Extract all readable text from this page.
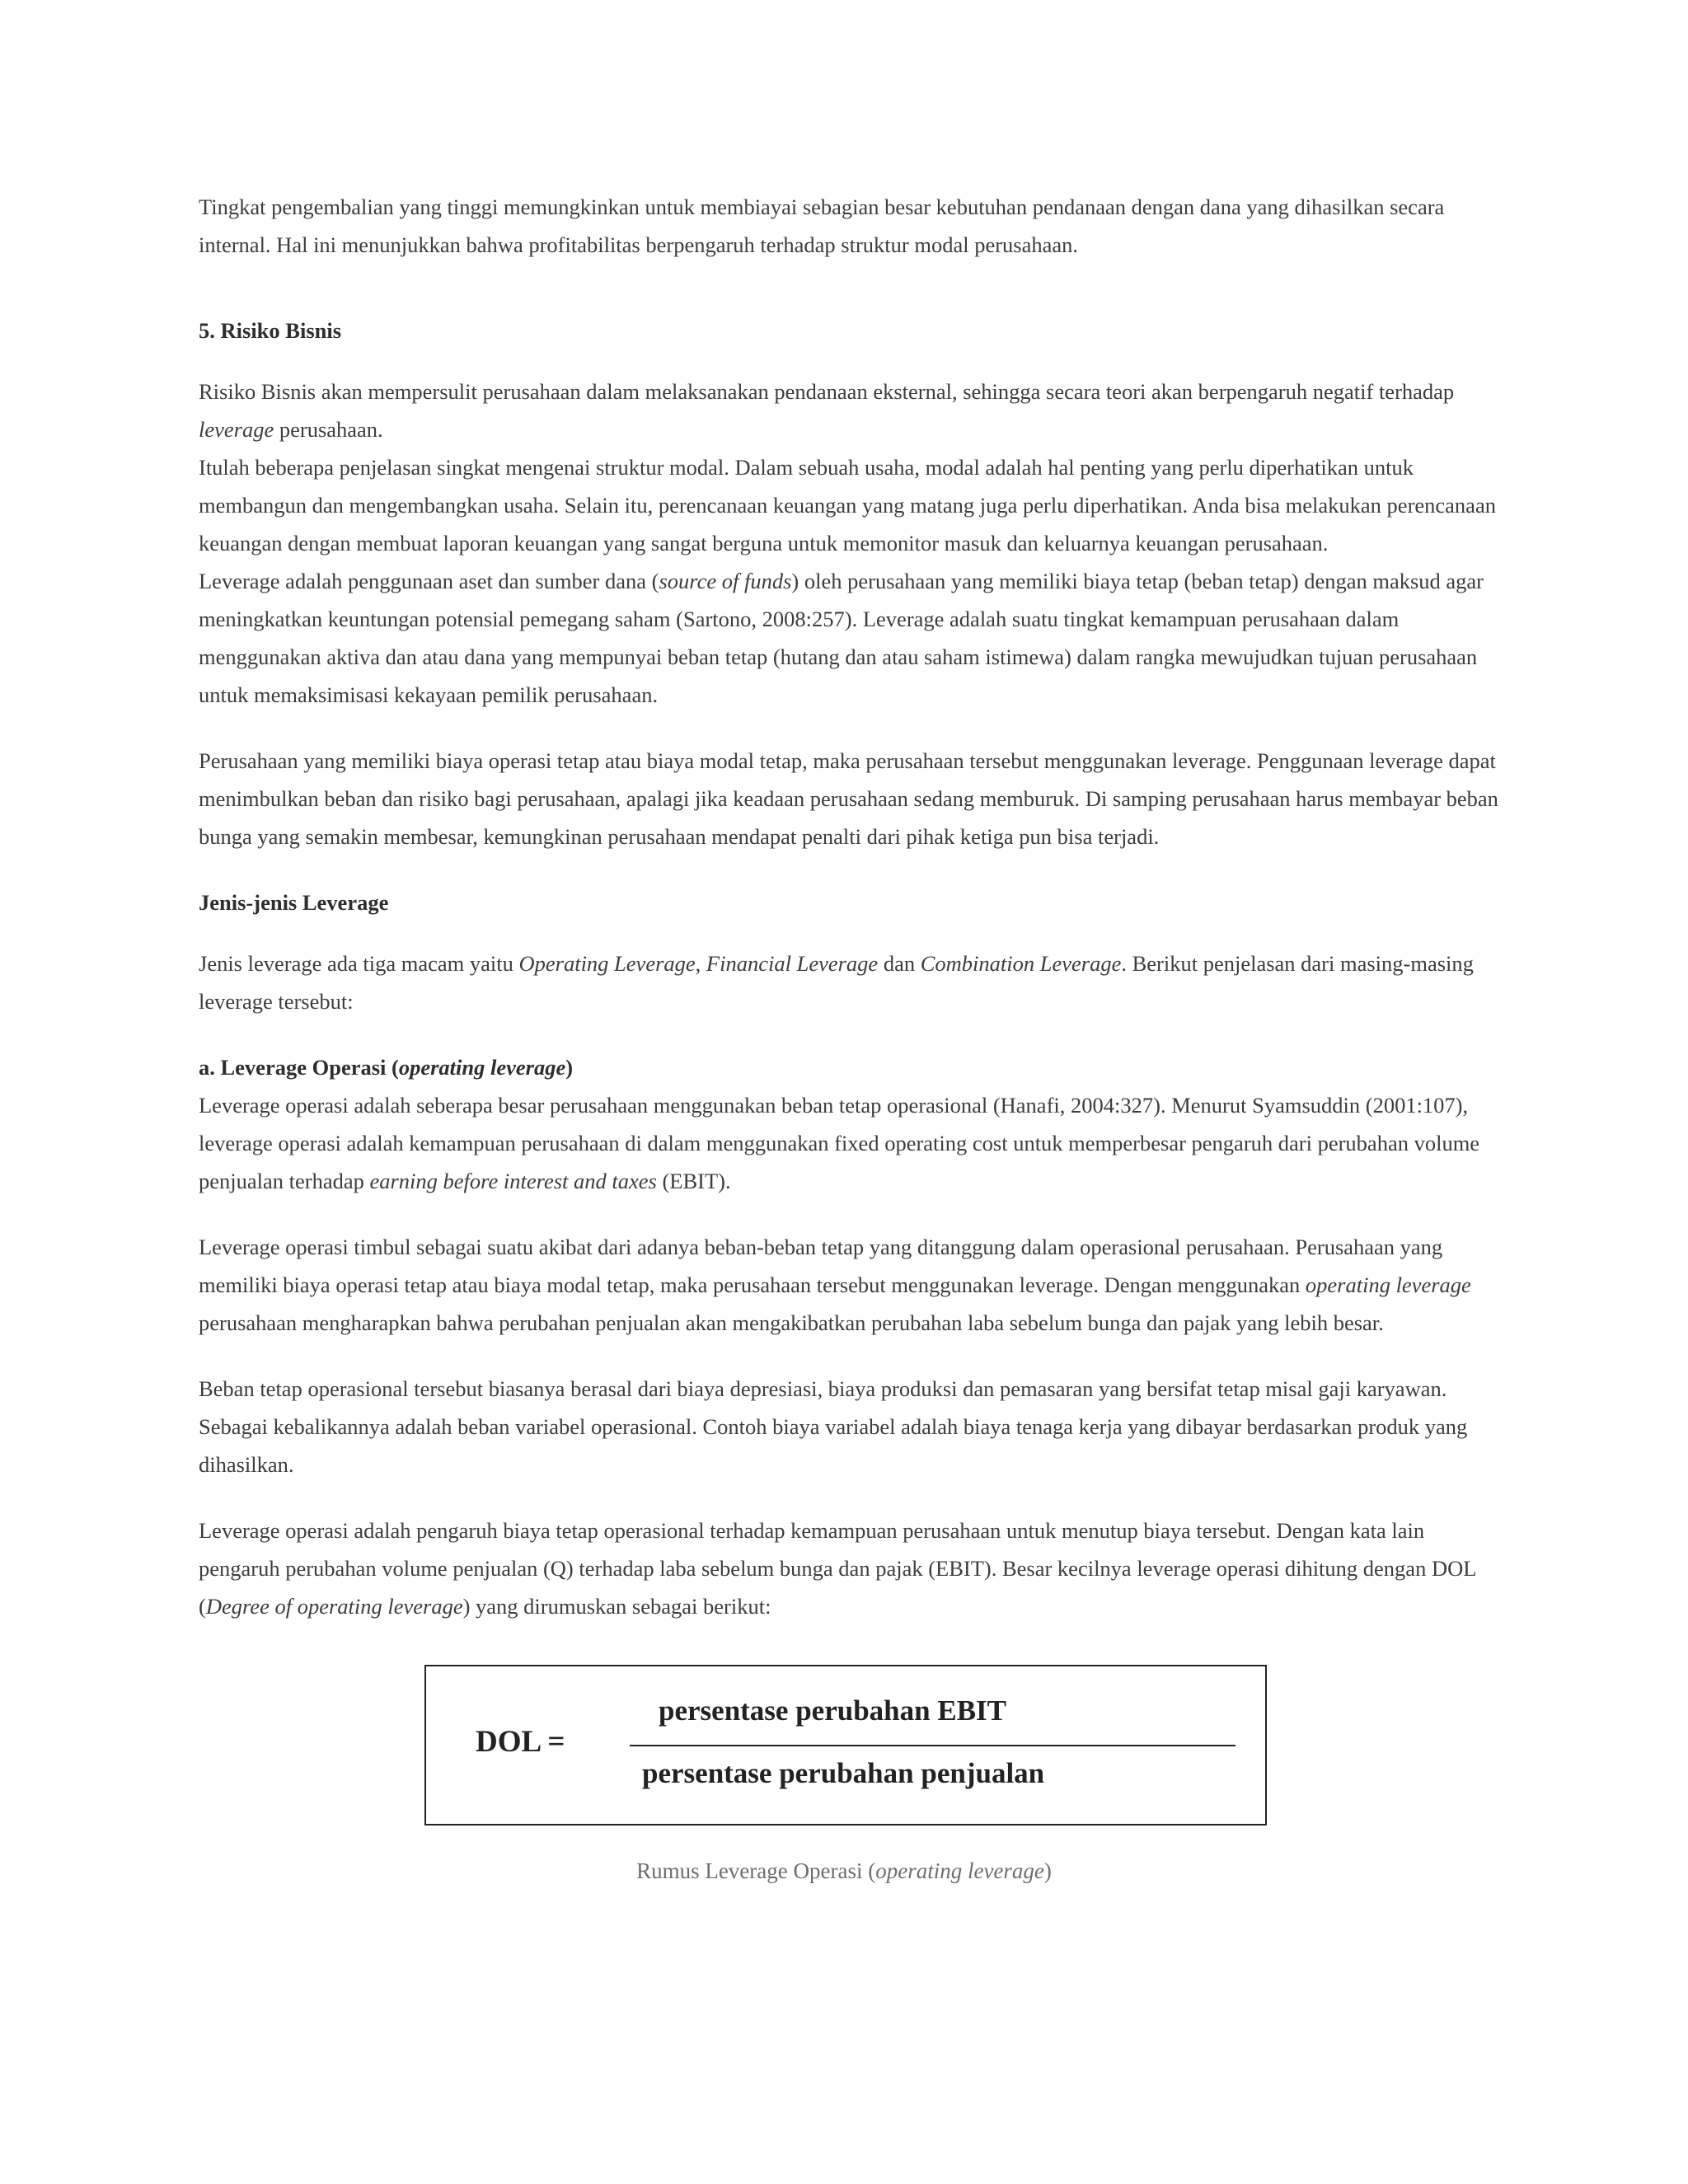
Tingkat pengembalian yang tinggi memungkinkan untuk membiayai sebagian besar kebutuhan pendanaan dengan dana yang dihasilkan secara internal. Hal ini menunjukkan bahwa profitabilitas berpengaruh terhadap struktur modal perusahaan.

5. Risiko Bisnis

Risiko Bisnis akan mempersulit perusahaan dalam melaksanakan pendanaan eksternal, sehingga secara teori akan berpengaruh negatif terhadap leverage perusahaan.

Itulah beberapa penjelasan singkat mengenai struktur modal. Dalam sebuah usaha, modal adalah hal penting yang perlu diperhatikan untuk membangun dan mengembangkan usaha. Selain itu, perencanaan keuangan yang matang juga perlu diperhatikan. Anda bisa melakukan perencanaan keuangan dengan membuat laporan keuangan yang sangat berguna untuk memonitor masuk dan keluarnya keuangan perusahaan.

Leverage adalah penggunaan aset dan sumber dana (source of funds) oleh perusahaan yang memiliki biaya tetap (beban tetap) dengan maksud agar meningkatkan keuntungan potensial pemegang saham (Sartono, 2008:257). Leverage adalah suatu tingkat kemampuan perusahaan dalam menggunakan aktiva dan atau dana yang mempunyai beban tetap (hutang dan atau saham istimewa) dalam rangka mewujudkan tujuan perusahaan untuk memaksimisasi kekayaan pemilik perusahaan.

Perusahaan yang memiliki biaya operasi tetap atau biaya modal tetap, maka perusahaan tersebut menggunakan leverage. Penggunaan leverage dapat menimbulkan beban dan risiko bagi perusahaan, apalagi jika keadaan perusahaan sedang memburuk. Di samping perusahaan harus membayar beban bunga yang semakin membesar, kemungkinan perusahaan mendapat penalti dari pihak ketiga pun bisa terjadi.

Jenis-jenis Leverage

Jenis leverage ada tiga macam yaitu Operating Leverage, Financial Leverage dan Combination Leverage. Berikut penjelasan dari masing-masing leverage tersebut:

a. Leverage Operasi (operating leverage)

Leverage operasi adalah seberapa besar perusahaan menggunakan beban tetap operasional (Hanafi, 2004:327). Menurut Syamsuddin (2001:107), leverage operasi adalah kemampuan perusahaan di dalam menggunakan fixed operating cost untuk memperbesar pengaruh dari perubahan volume penjualan terhadap earning before interest and taxes (EBIT).

Leverage operasi timbul sebagai suatu akibat dari adanya beban-beban tetap yang ditanggung dalam operasional perusahaan. Perusahaan yang memiliki biaya operasi tetap atau biaya modal tetap, maka perusahaan tersebut menggunakan leverage. Dengan menggunakan operating leverage perusahaan mengharapkan bahwa perubahan penjualan akan mengakibatkan perubahan laba sebelum bunga dan pajak yang lebih besar.

Beban tetap operasional tersebut biasanya berasal dari biaya depresiasi, biaya produksi dan pemasaran yang bersifat tetap misal gaji karyawan. Sebagai kebalikannya adalah beban variabel operasional. Contoh biaya variabel adalah biaya tenaga kerja yang dibayar berdasarkan produk yang dihasilkan.

Leverage operasi adalah pengaruh biaya tetap operasional terhadap kemampuan perusahaan untuk menutup biaya tersebut. Dengan kata lain pengaruh perubahan volume penjualan (Q) terhadap laba sebelum bunga dan pajak (EBIT). Besar kecilnya leverage operasi dihitung dengan DOL (Degree of operating leverage) yang dirumuskan sebagai berikut:

DOL =
persentase perubahan EBIT
persentase perubahan penjualan

Rumus Leverage Operasi (operating leverage)
